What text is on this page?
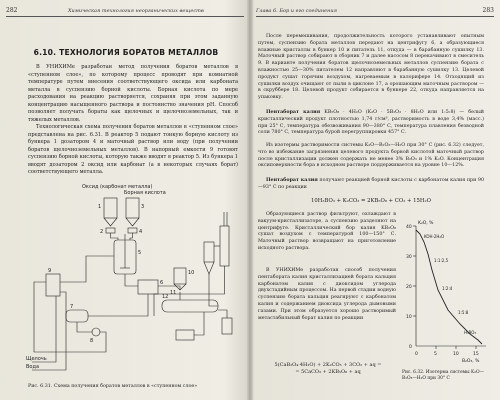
282	Химическая технология неорганических веществ
6.10. ТЕХНОЛОГИЯ БОРАТОВ МЕТАЛЛОВ

В УНИХИМе разработан метод получения боратов металлов в «ступенном слое», по которому процесс проводят при комнатной температуре путем внесения соответствующего оксида или карбоната металла в суспензию борной кислоты. Борная кислота по мере расходования на реакцию растворяется, сохраняя при этом заданную концентрацию насыщенного раствора и постоянство значения pH. Способ позволяет получать бораты как щелочных и щелочноземельных, так и тяжелых металлов.

Технологическая схема получения боратов металлов в «ступенном слое» представлена на рис. 6.31. В реактор 5 подают тонкую борную кислоту из бункера 1 дозатором 4 и маточный раствор или воду (при получении боратов щелочноземельных металлов). В напорный емкости 9 готовят суспензию борной кислоты, которую также вводят в реактор 5. Из бункера 1 вводят дозатором 2 оксид или карбонат (а в некоторых случаях борат) соответствующего металла.

Оксид (карбонат металла)
Борная кислота
Вода
Щелочь
1
2
3
4
5
6
7
8
9	10
11
12

Рис. 6.31. Схема получения боратов металлов в «ступенном слое»

Глава 6. Бор и его соединения	283

После перемешивания, продолжительность которого устанавливают опытным путем, суспензию бората металлов передают на центрифугу 6, а образующиеся влажные кристаллы в бункер 10 и питатель 11, откуда — в барабанную сушилку 13. Маточный раствор собирают в сборник 7 и далее насосом 8 перекачивают в смеситель 9. В варианте получения боратов щелочноземельных металлов суспензию бората с влажностью 25—30% питателем 12 направляют в барабанную сушилку 13. Целевой продукт сушат горячим воздухом, нагреваемым в калорифере 14. Отходящий из сушилки воздух очищают от пыли в циклоне 17, а орошающим маточным раствором — в скруббере 18. Целевой продукт собирается в бункере 22, откуда направляется на упаковку.

Пентаборат калия KB₅O₈ · 4H₂O (K₂O · 5B₂O₃ · 8H₂O или 1:5:8) — белый кристаллический продукт плотностью 1,74 г/см³, растворимость в воде 3,4% (масс.) при 25° С, температура обезвоживания 90—380° С, температура плавления безводной соли 780° С, температура бурой перегруппировки 457° С.

Из изотермы растворимости системы K₂O—B₂O₃—H₂O при 30° С (рис. 6.32) следует, что во избежание загрязнения целевого продукта борной кислотой маточный раствор после кристаллизации должен содержать не менее 3% B₂O₃ и 1% K₂O. Концентрация оксиповерхности бора в исходном растворе поддерживается на уровне 10—12%.

Пентаборат калия получают реакцией борной кислоты с карбонатом калия при 90—93° С по реакции

10H₃BO₃ + K₂CO₃ = 2KB₅O₈ + CO₂ + 15H₂O

Образующиеся раствор фильтруют, охлаждают в вакуум-кристаллизаторе, а суспензию разделяют на центрифуге. Кристаллический бор калия KB₅O₈ сушат воздухом с температурой 100—150° С. Маточный раствор возвращают на приготовление исходного раствора.

В УНИХИМе разработан способ получения пентабората калия кристаллизацией бората кальция карбонатом калия с диоксидом углерода двухстадийным процессом. На первой стадии водную суспензию бората кальция реагируют с карбонатом калия и содержанием диоксида углерода дымовыми газами. При этом образуется хорошо растворимый метастабильный борат калия по реакции

5(CaB₂O₄·4H₂O) + 2K₂CO₃ + 3CO₂ + aq =
= 5CaCO₃ + 2KB₅O₈ + aq
40
30
20
10
0
0	5	10	15
K₂O, %
B₂O₃, %
KOH·2H₂O
1:1:2,5
1:2:4
1:5:8
H₃BO₃

Рис. 6.32. Изотерма системы K₂O—B₂O₃—H₂O при 30° С
